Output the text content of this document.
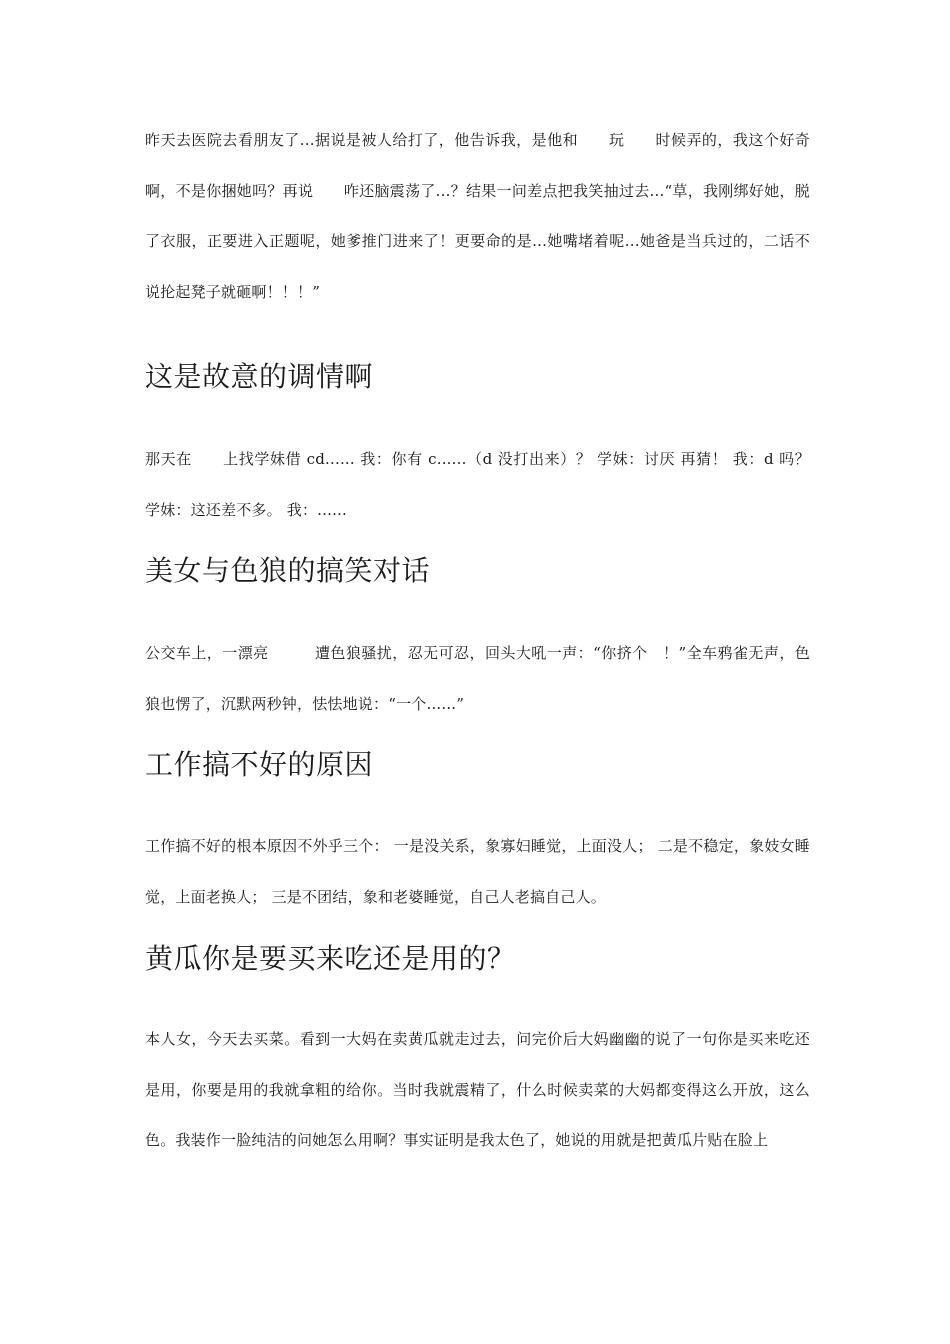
昨天去医院去看朋友了...据说是被人给打了，他告诉我，是他和　　玩　　时候弄的，我这个好奇啊，不是你捆她吗？再说　　咋还脑震荡了...？结果一问差点把我笑抽过去...“草，我刚绑好她，脱了衣服，正要进入正题呢，她爹推门进来了！更要命的是...她嘴堵着呢...她爸是当兵过的，二话不说抡起凳子就砸啊！！！”

这是故意的调情啊

那天在　　上找学妹借 cd...... 我：你有 c......（d 没打出来）？ 学妹：讨厌 再猜！ 我：d 吗？ 学妹：这还差不多。 我：......

美女与色狼的搞笑对话

公交车上，一漂亮　　　遭色狼骚扰，忍无可忍，回头大吼一声：“你挤个　！”全车鸦雀无声，色狼也愣了，沉默两秒钟，怯怯地说：“一个......”

工作搞不好的原因

工作搞不好的根本原因不外乎三个： 一是没关系，象寡妇睡觉，上面没人； 二是不稳定，象妓女睡觉，上面老换人； 三是不团结，象和老婆睡觉，自己人老搞自己人。

黄瓜你是要买来吃还是用的？

本人女，今天去买菜。看到一大妈在卖黄瓜就走过去，问完价后大妈幽幽的说了一句你是买来吃还是用，你要是用的我就拿粗的给你。当时我就震精了，什么时候卖菜的大妈都变得这么开放，这么色。我装作一脸纯洁的问她怎么用啊？事实证明是我太色了，她说的用就是把黄瓜片贴在脸上
